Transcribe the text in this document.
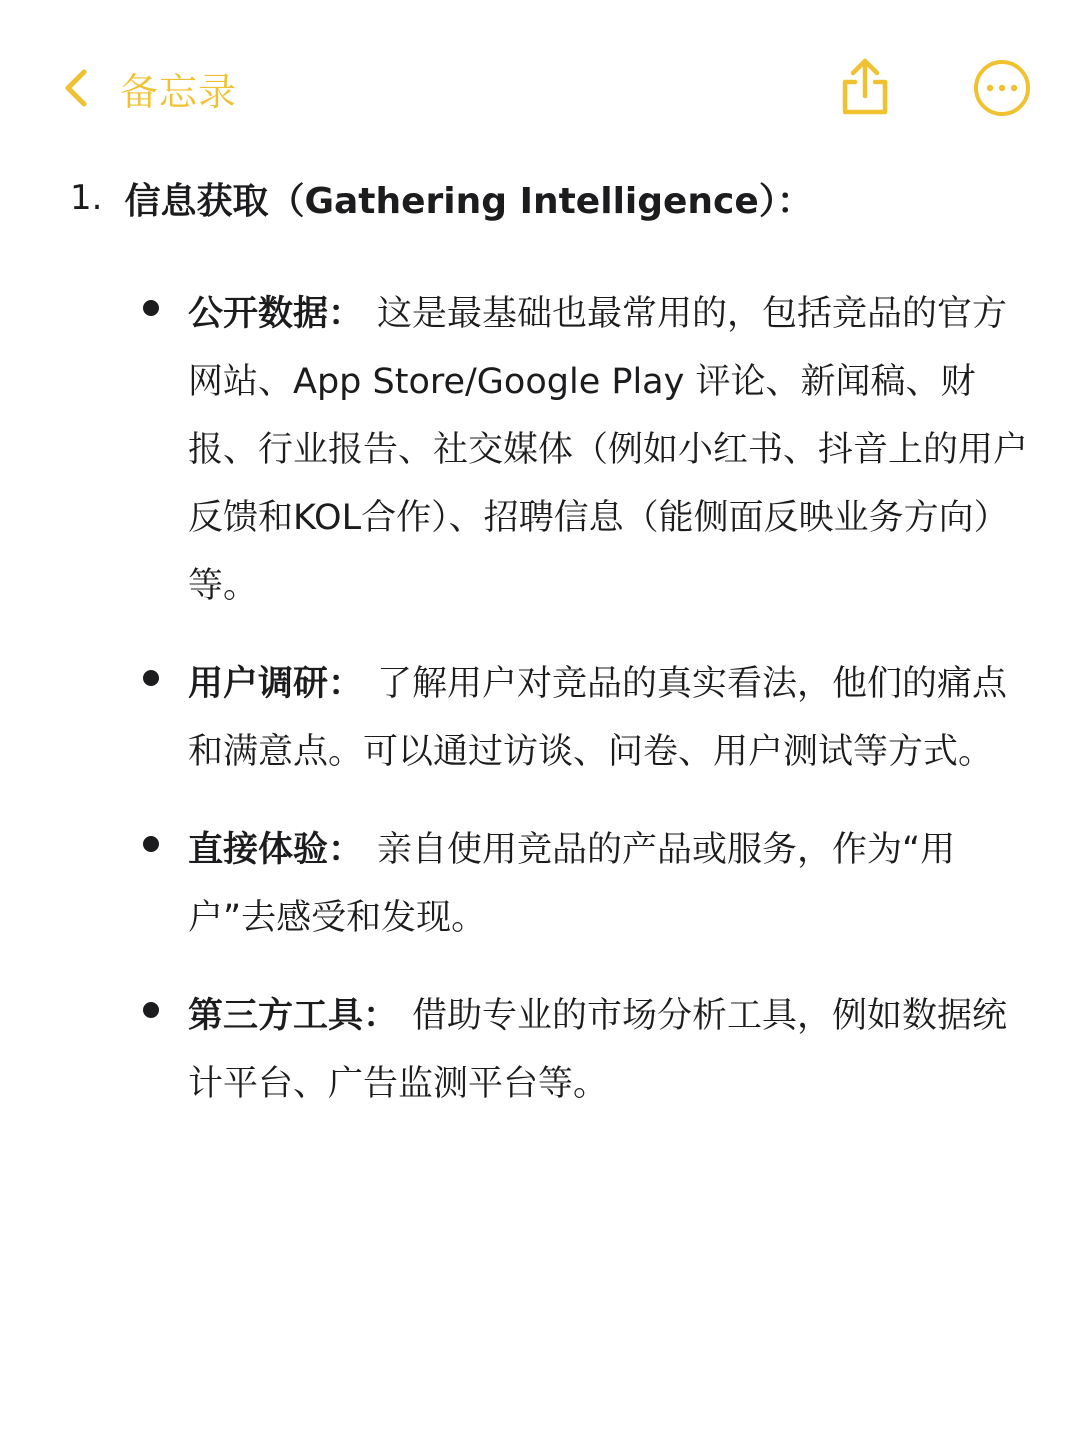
备忘录
1. 信息获取（Gathering Intelligence）：
公开数据： 这是最基础也最常用的，包括竞品的官方网站、App Store/Google Play 评论、新闻稿、财报、行业报告、社交媒体（例如小红书、抖音上的用户反馈和KOL合作）、招聘信息（能侧面反映业务方向）等。
用户调研： 了解用户对竞品的真实看法，他们的痛点和满意点。可以通过访谈、问卷、用户测试等方式。
直接体验： 亲自使用竞品的产品或服务，作为“用户”去感受和发现。
第三方工具： 借助专业的市场分析工具，例如数据统计平台、广告监测平台等。
